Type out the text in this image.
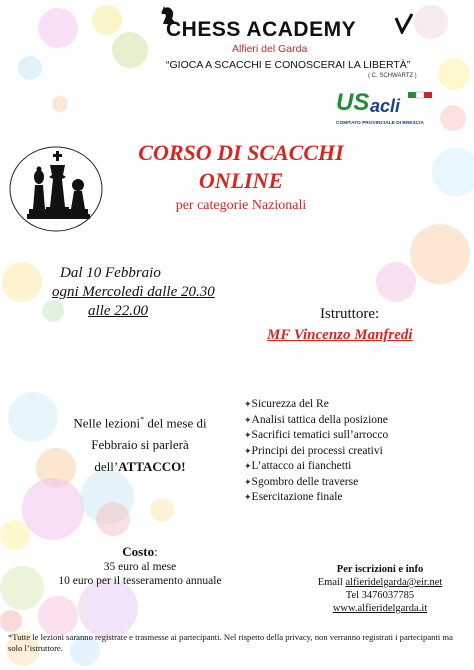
CHESS ACADEMY
Alfieri del Garda
“GIOCA A SCACCHI E CONOSCERAI LA LIBERTÀ”
( C. SCHWARTZ )
US acli
COMITATO PROVINCIALE DI BRESCIA
CORSO DI SCACCHI
ONLINE
per categorie Nazionali
Dal 10 Febbraio
ogni Mercoledì dalle 20.30
alle 22.00	Istruttore:
MF Vincenzo Manfredi
Nelle lezioni* del mese di
Febbraio si parlerà
dell’ATTACCO!
✦ Sicurezza del Re
✦ Analisi tattica della posizione
✦ Sacrifici tematici sull’arrocco
✦ Principi dei processi creativi
✦ L’attacco ai fianchetti
✦ Sgombro delle traverse
✦ Esercitazione finale
Costo:
35 euro al mese
10 euro per il tesseramento annuale
Per iscrizioni e info
Email alfieridelgarda@eir.net
Tel 3476037785
www.alfieridelgarda.it
*Tutte le lezioni saranno registrate e trasmesse ai partecipanti. Nel rispetto della privacy, non verranno registrati i partecipanti ma solo l’istruttore.
